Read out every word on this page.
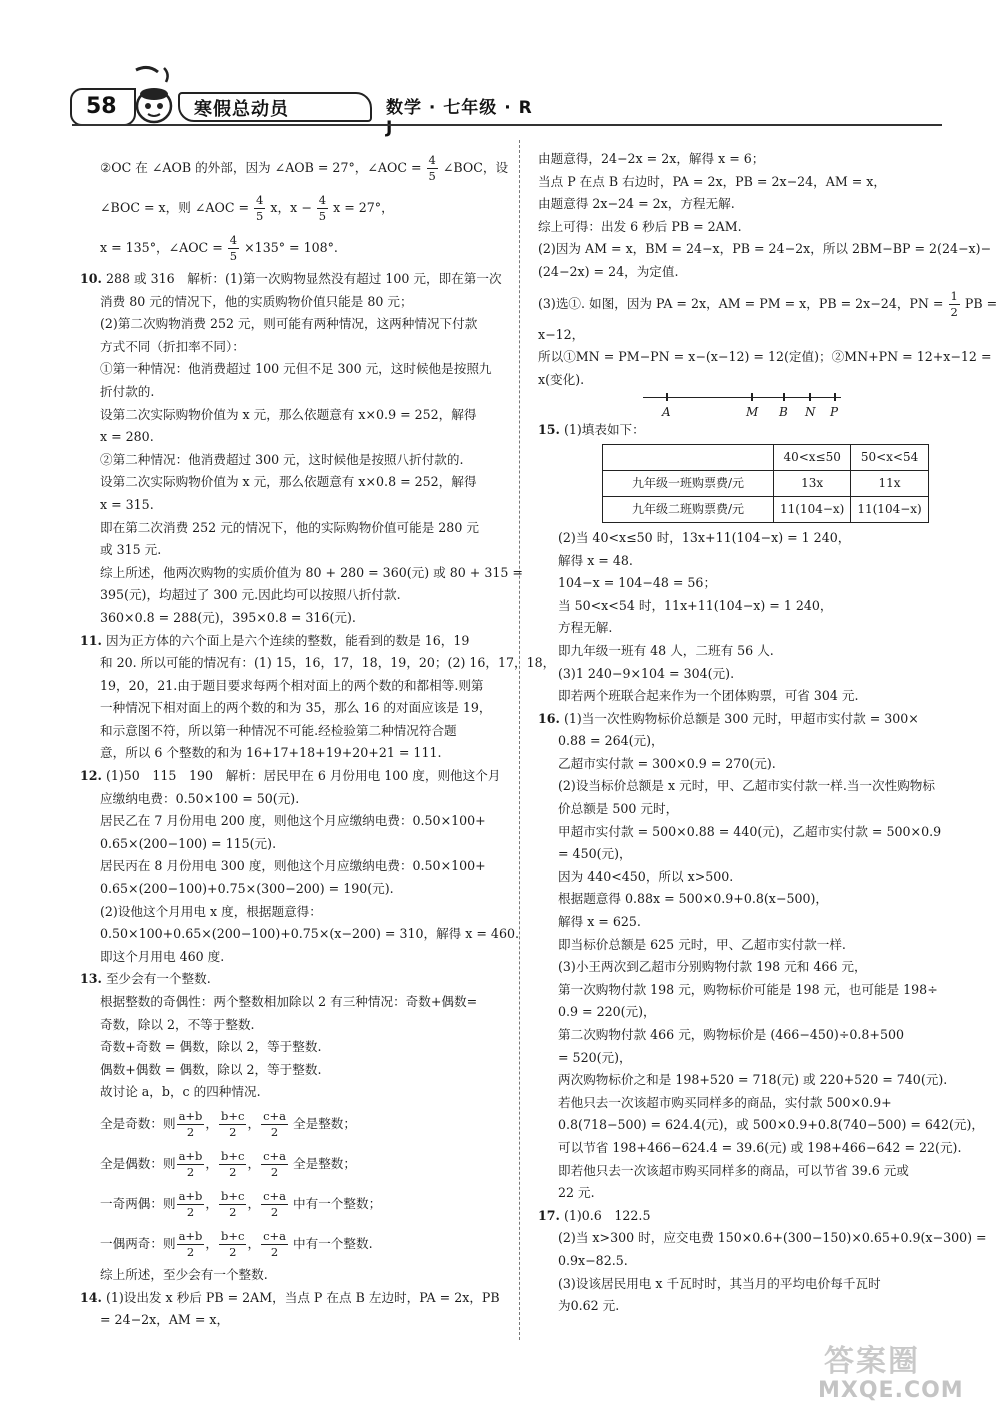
58	寒假总动员	数学 · 七年级 · R J
②OC 在 ∠AOB 的外部，因为 ∠AOB = 27°，∠AOC = $\frac{4}{5}$ ∠BOC，设
∠BOC = x，则 ∠AOC = $\frac{4}{5}$ x，$x - \frac{4}{5}$ x = 27°，
x = 135°，∠AOC = $\frac{4}{5} \times 135^\circ = 108^\circ$.
10. 288 或 316　解析：(1)第一次购物显然没有超过 100 元，即在第一次
消费 80 元的情况下，他的实质购物价值只能是 80 元；
(2)第二次购物消费 252 元，则可能有两种情况，这两种情况下付款
方式不同（折扣率不同）：
①第一种情况：他消费超过 100 元但不足 300 元，这时候他是按照九
折付款的.
设第二次实际购物价值为 x 元，那么依题意有 x×0.9 = 252，解得
x = 280.
②第二种情况：他消费超过 300 元，这时候他是按照八折付款的.
设第二次实际购物价值为 x 元，那么依题意有 x×0.8 = 252，解得
x = 315.
即在第二次消费 252 元的情况下，他的实际购物价值可能是 280 元
或 315 元.
综上所述，他两次购物的实质价值为 80 + 280 = 360(元) 或 80 + 315 =
395(元)，均超过了 300 元.因此均可以按照八折付款.
360×0.8 = 288(元)，395×0.8 = 316(元).
11. 因为正方体的六个面上是六个连续的整数，能看到的数是 16，19
和 20. 所以可能的情况有：(1) 15，16，17，18，19，20；(2) 16，17，18，
19，20，21.由于题目要求每两个相对面上的两个数的和都相等.则第
一种情况下相对面上的两个数的和为 35，那么 16 的对面应该是 19，
和示意图不符，所以第一种情况不可能.经检验第二种情况符合题
意，所以 6 个整数的和为 16+17+18+19+20+21 = 111.
12. (1)50　115　190　解析：居民甲在 6 月份用电 100 度，则他这个月
应缴纳电费：0.50×100 = 50(元).
居民乙在 7 月份用电 200 度，则他这个月应缴纳电费：0.50×100+
0.65×(200−100) = 115(元).
居民丙在 8 月份用电 300 度，则他这个月应缴纳电费：0.50×100+
0.65×(200−100)+0.75×(300−200) = 190(元).
(2)设他这个月用电 x 度，根据题意得：
0.50×100+0.65×(200−100)+0.75×(x−200) = 310，解得 x = 460.
即这个月用电 460 度.
13. 至少会有一个整数.
根据整数的奇偶性：两个整数相加除以 2 有三种情况：奇数+偶数=
奇数，除以 2，不等于整数.
奇数+奇数 = 偶数，除以 2，等于整数.
偶数+偶数 = 偶数，除以 2，等于整数.
故讨论 a，b，c 的四种情况.
全是奇数：则 $\frac{a+b}{2}$ ， $\frac{b+c}{2}$ ， $\frac{c+a}{2}$ 全是整数；
全是偶数：则 $\frac{a+b}{2}$ ， $\frac{b+c}{2}$ ， $\frac{c+a}{2}$ 全是整数；
一奇两偶：则 $\frac{a+b}{2}$ ， $\frac{b+c}{2}$ ， $\frac{c+a}{2}$ 中有一个整数；
一偶两奇：则 $\frac{a+b}{2}$ ， $\frac{b+c}{2}$ ， $\frac{c+a}{2}$ 中有一个整数.
综上所述，至少会有一个整数.
14. (1)设出发 x 秒后 PB = 2AM，当点 P 在点 B 左边时，PA = 2x，PB
= 24−2x，AM = x，
由题意得，24−2x = 2x，解得 x = 6；
当点 P 在点 B 右边时，PA = 2x，PB = 2x−24，AM = x，
由题意得 2x−24 = 2x，方程无解.
综上可得：出发 6 秒后 PB = 2AM.
(2)因为 AM = x，BM = 24−x，PB = 24−2x，所以 2BM−BP = 2(24−x)−
(24−2x) = 24，为定值.
(3)选①. 如图，因为 PA = 2x，AM = PM = x，PB = 2x−24，PN = $\frac{1}{2}$ PB =
x−12，
所以①MN = PM−PN = x−(x−12) = 12(定值)；②MN+PN = 12+x−12 =
x(变化).
A	M B N P
15. (1)填表如下：
	40<x≤50	50<x<54
九年级一班购票费/元	13x	11x
九年级二班购票费/元	11(104−x)	11(104−x)
(2)当 40<x≤50 时，13x+11(104−x) = 1 240，
解得 x = 48.
104−x = 104−48 = 56；
当 50<x<54 时，11x+11(104−x) = 1 240，
方程无解.
即九年级一班有 48 人，二班有 56 人.
(3)1 240−9×104 = 304(元).
即若两个班联合起来作为一个团体购票，可省 304 元.
16. (1)当一次性购物标价总额是 300 元时，甲超市实付款 = 300×
0.88 = 264(元)，
乙超市实付款 = 300×0.9 = 270(元).
(2)设当标价总额是 x 元时，甲、乙超市实付款一样.当一次性购物标
价总额是 500 元时，
甲超市实付款 = 500×0.88 = 440(元)，乙超市实付款 = 500×0.9
= 450(元)，
因为 440<450，所以 x>500.
根据题意得 0.88x = 500×0.9+0.8(x−500)，
解得 x = 625.
即当标价总额是 625 元时，甲、乙超市实付款一样.
(3)小王两次到乙超市分别购物付款 198 元和 466 元，
第一次购物付款 198 元，购物标价可能是 198 元，也可能是 198÷
0.9 = 220(元)，
第二次购物付款 466 元，购物标价是 (466−450)÷0.8+500
= 520(元)，
两次购物标价之和是 198+520 = 718(元) 或 220+520 = 740(元).
若他只去一次该超市购买同样多的商品，实付款 500×0.9+
0.8(718−500) = 624.4(元)，或 500×0.9+0.8(740−500) = 642(元)，
可以节省 198+466−624.4 = 39.6(元) 或 198+466−642 = 22(元).
即若他只去一次该超市购买同样多的商品，可以节省 39.6 元或
22 元.
17. (1)0.6　122.5
(2)当 x>300 时，应交电费 150×0.6+(300−150)×0.65+0.9(x−300) =
0.9x−82.5.
(3)设该居民用电 x 千瓦时时，其当月的平均电价每千瓦时
为0.62 元.
答案圈
MXQE.COM
